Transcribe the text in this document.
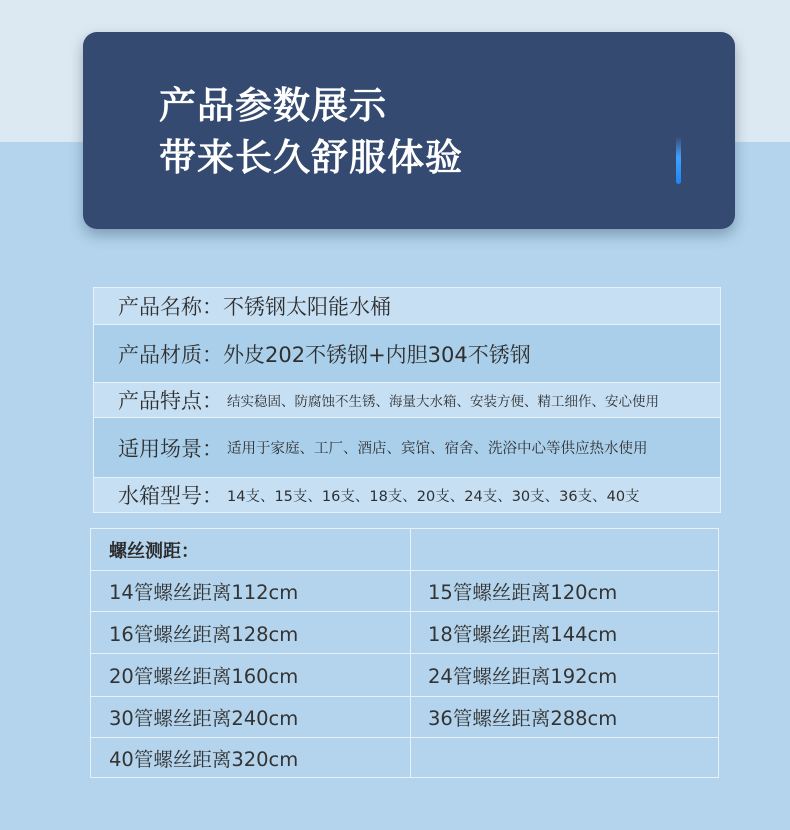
产品参数展示
带来长久舒服体验
产品名称： 不锈钢太阳能水桶
产品材质： 外皮202不锈钢+内胆304不锈钢
产品特点： 结实稳固、防腐蚀不生锈、海量大水箱、安装方便、精工细作、安心使用
适用场景： 适用于家庭、工厂、酒店、宾馆、宿舍、洗浴中心等供应热水使用
水箱型号： 14支、15支、16支、18支、20支、24支、30支、36支、40支
螺丝测距：
14管螺丝距离112cm	15管螺丝距离120cm
16管螺丝距离128cm	18管螺丝距离144cm
20管螺丝距离160cm	24管螺丝距离192cm
30管螺丝距离240cm	36管螺丝距离288cm
40管螺丝距离320cm
